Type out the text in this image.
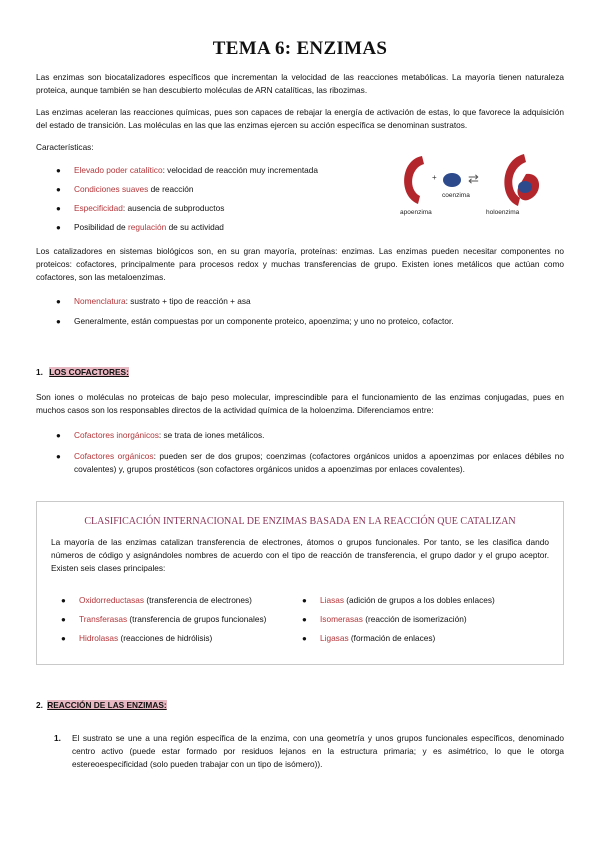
TEMA 6: ENZIMAS

Las enzimas son biocatalizadores específicos que incrementan la velocidad de las reacciones metabólicas. La mayoría tienen naturaleza proteica, aunque también se han descubierto moléculas de ARN catalíticas, las ribozimas.

Las enzimas aceleran las reacciones químicas, pues son capaces de rebajar la energía de activación de estas, lo que favorece la adquisición del estado de transición. Las moléculas en las que las enzimas ejercen su acción específica se denominan sustratos.

Características:

● Elevado poder catalítico: velocidad de reacción muy incrementada
● Condiciones suaves de reacción
● Especificidad: ausencia de subproductos
● Posibilidad de regulación de su actividad
+ ⇄
apoenzima
coenzima
holoenzima

Los catalizadores en sistemas biológicos son, en su gran mayoría, proteínas: enzimas. Las enzimas pueden necesitar componentes no proteicos: cofactores, principalmente para procesos redox y muchas transferencias de grupo. Existen iones metálicos que actúan como cofactores, son las metaloenzimas.

● Nomenclatura: sustrato + tipo de reacción + asa
● Generalmente, están compuestas por un componente proteico, apoenzima; y uno no proteico, cofactor.
1. LOS COFACTORES:

Son iones o moléculas no proteicas de bajo peso molecular, imprescindible para el funcionamiento de las enzimas conjugadas, pues en muchos casos son los responsables directos de la actividad química de la holoenzima. Diferenciamos entre:

● Cofactores inorgánicos: se trata de iones metálicos.
● Cofactores orgánicos: pueden ser de dos grupos; coenzimas (cofactores orgánicos unidos a apoenzimas por enlaces débiles no covalentes) y, grupos prostéticos (son cofactores orgánicos unidos a apoenzimas por enlaces covalentes).
CLASIFICACIÓN INTERNACIONAL DE ENZIMAS BASADA EN LA REACCIÓN QUE CATALIZAN

La mayoría de las enzimas catalizan transferencia de electrones, átomos o grupos funcionales. Por tanto, se les clasifica dando números de código y asignándoles nombres de acuerdo con el tipo de reacción de transferencia, el grupo dador y el grupo aceptor. Existen seis clases principales:

● Oxidorreductasas (transferencia de electrones)
● Transferasas (transferencia de grupos funcionales)
● Hidrolasas (reacciones de hidrólisis)
● Liasas (adición de grupos a los dobles enlaces)
● Isomerasas (reacción de isomerización)
● Ligasas (formación de enlaces)
2. REACCIÓN DE LAS ENZIMAS:
1. El sustrato se une a una región específica de la enzima, con una geometría y unos grupos funcionales específicos, denominado centro activo (puede estar formado por residuos lejanos en la estructura primaria; y es asimétrico, lo que le otorga estereoespecificidad (solo pueden trabajar con un tipo de isómero)).
